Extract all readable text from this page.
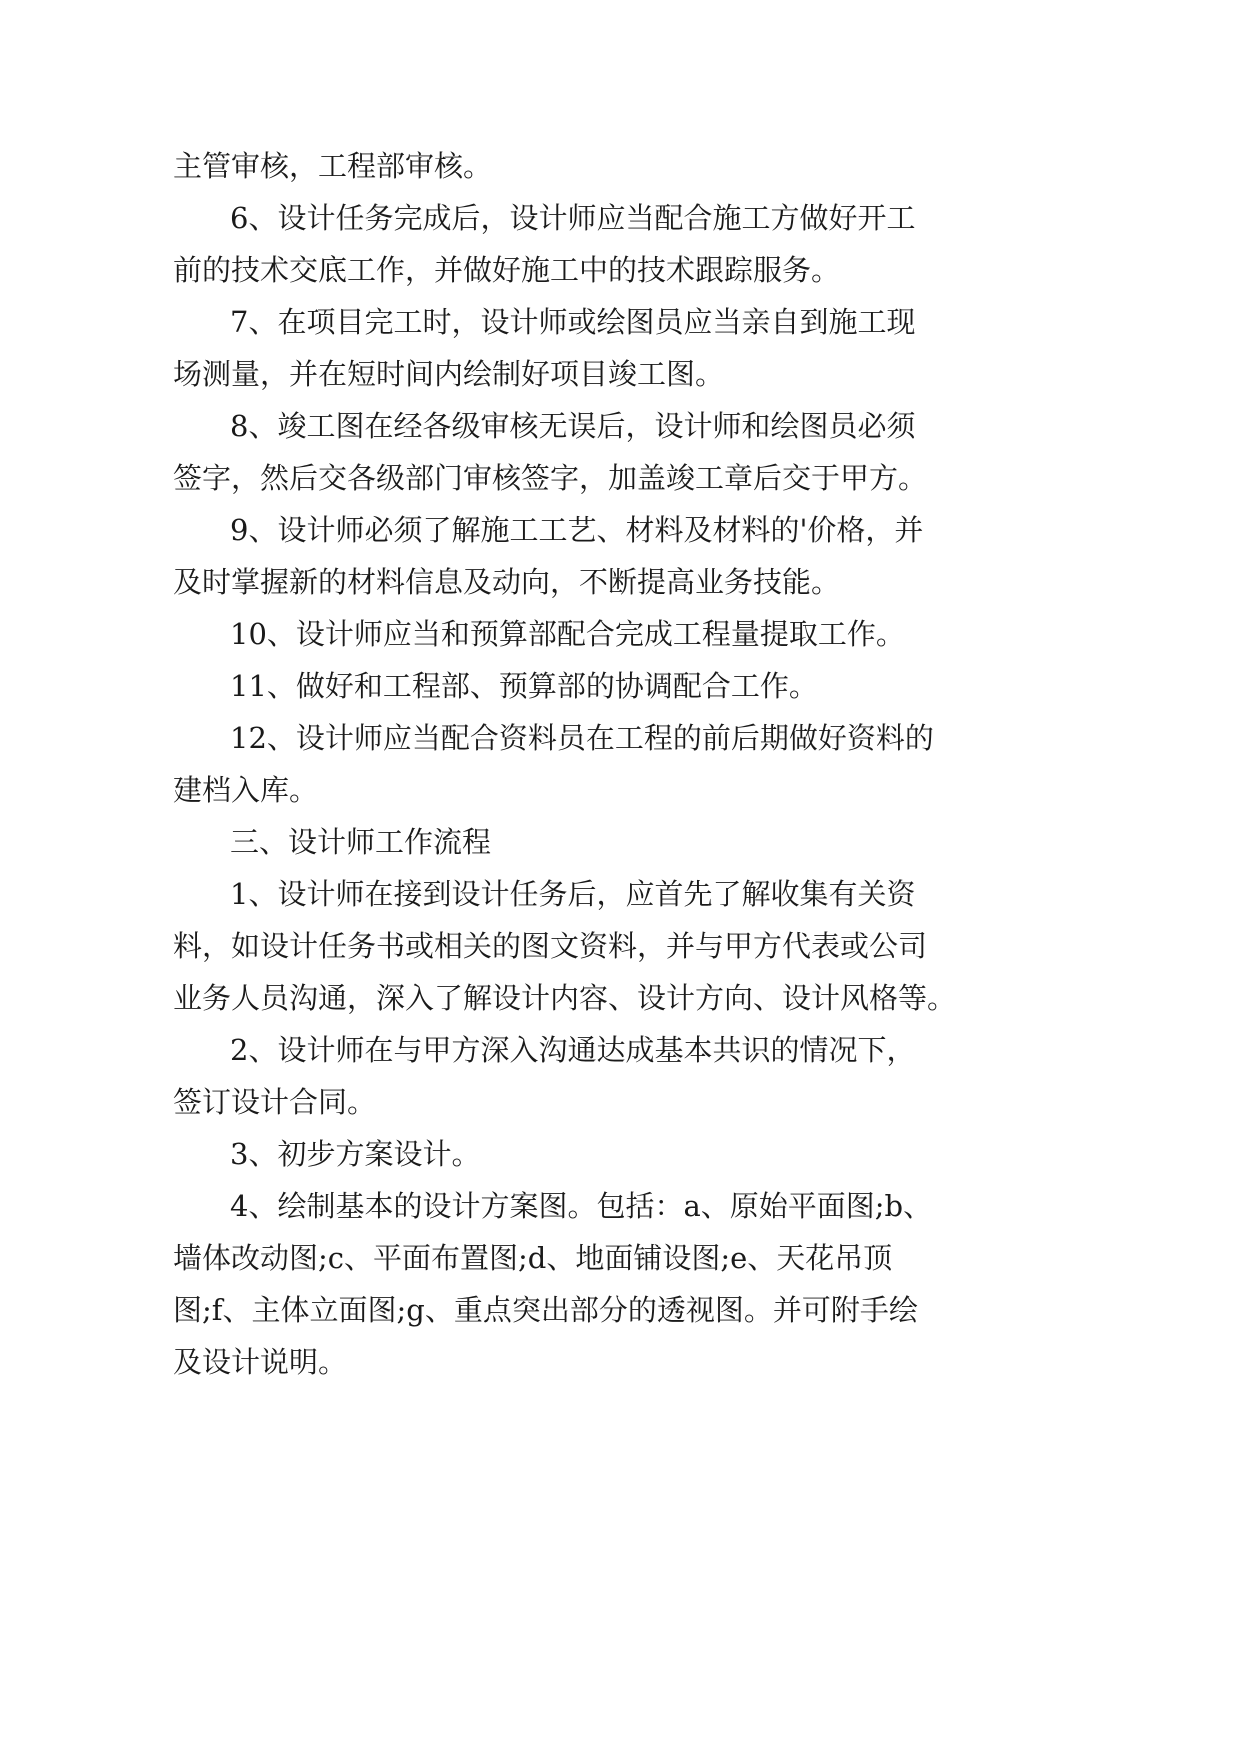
主管审核，工程部审核。
6、设计任务完成后，设计师应当配合施工方做好开工
前的技术交底工作，并做好施工中的技术跟踪服务。
7、在项目完工时，设计师或绘图员应当亲自到施工现
场测量，并在短时间内绘制好项目竣工图。
8、竣工图在经各级审核无误后，设计师和绘图员必须
签字，然后交各级部门审核签字，加盖竣工章后交于甲方。
9、设计师必须了解施工工艺、材料及材料的'价格，并
及时掌握新的材料信息及动向，不断提高业务技能。
10、设计师应当和预算部配合完成工程量提取工作。
11、做好和工程部、预算部的协调配合工作。
12、设计师应当配合资料员在工程的前后期做好资料的
建档入库。
三、设计师工作流程
1、设计师在接到设计任务后，应首先了解收集有关资
料，如设计任务书或相关的图文资料，并与甲方代表或公司
业务人员沟通，深入了解设计内容、设计方向、设计风格等。
2、设计师在与甲方深入沟通达成基本共识的情况下，
签订设计合同。
3、初步方案设计。
4、绘制基本的设计方案图。包括：a、原始平面图;b、
墙体改动图;c、平面布置图;d、地面铺设图;e、天花吊顶
图;f、主体立面图;g、重点突出部分的透视图。并可附手绘
及设计说明。
